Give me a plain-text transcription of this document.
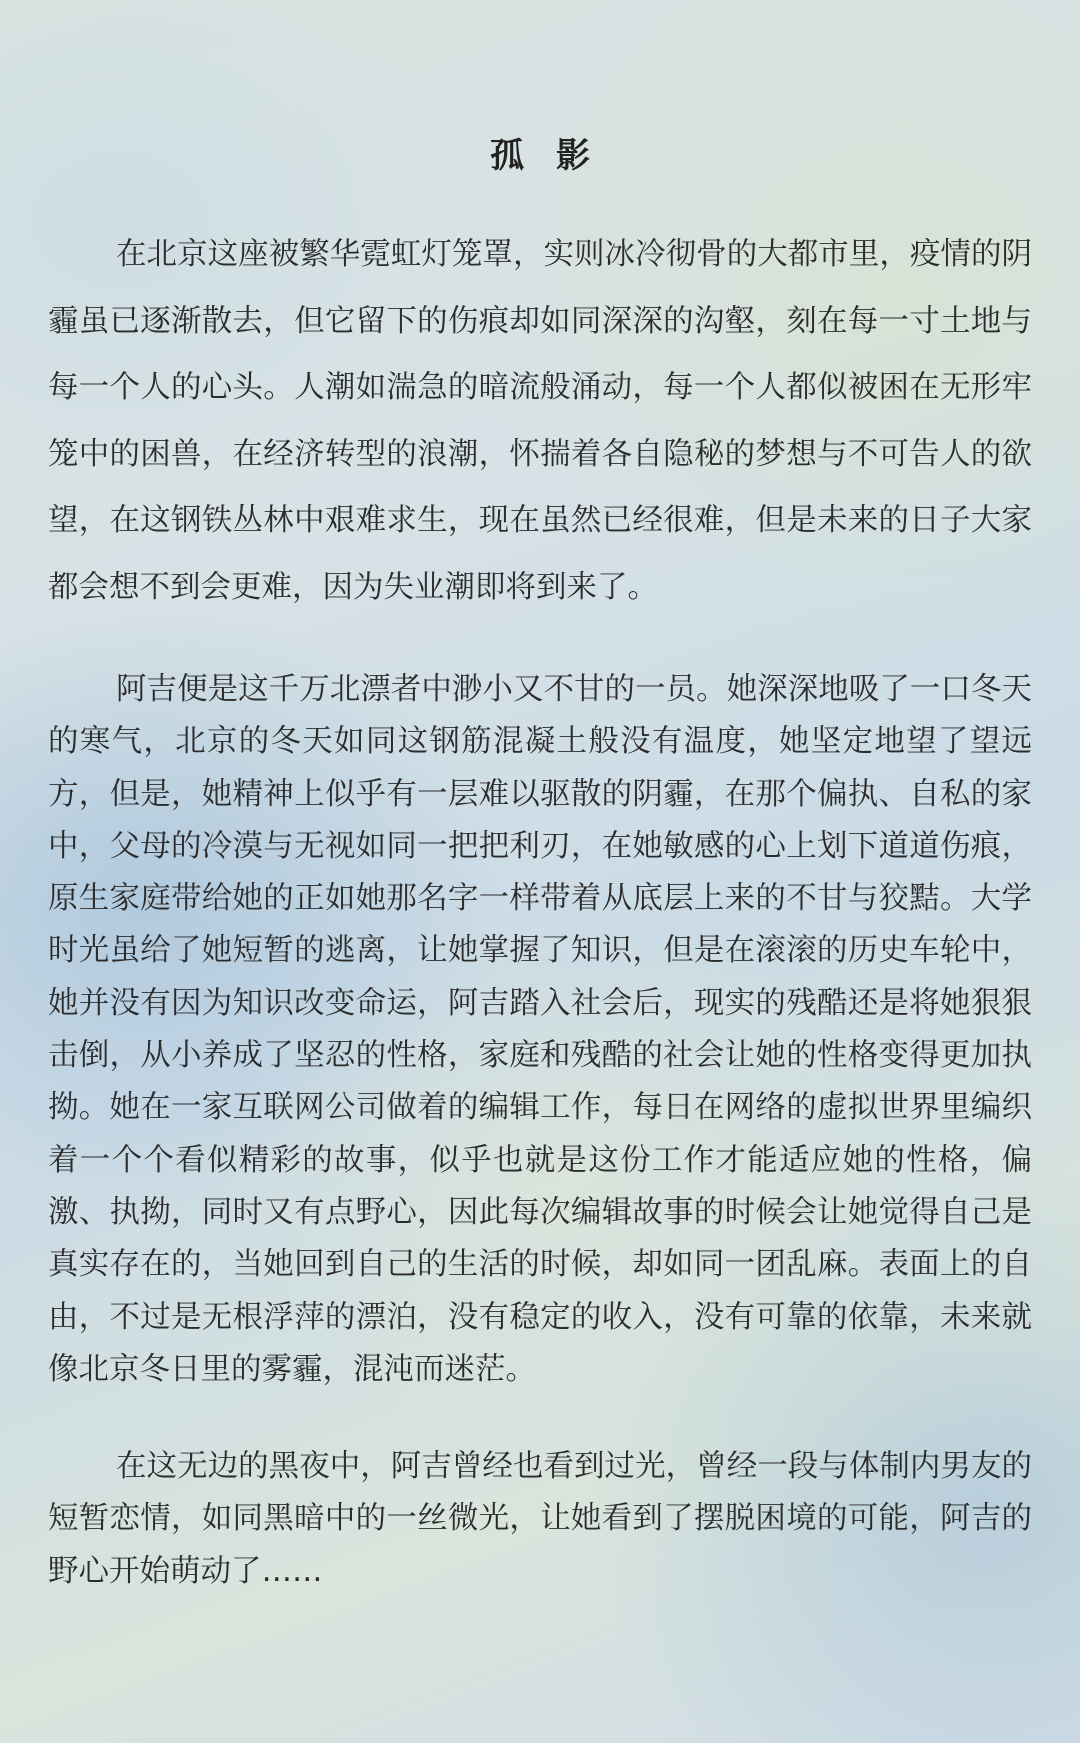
孤影

在北京这座被繁华霓虹灯笼罩，实则冰冷彻骨的大都市里，疫情的阴霾虽已逐渐散去，但它留下的伤痕却如同深深的沟壑，刻在每一寸土地与每一个人的心头。人潮如湍急的暗流般涌动，每一个人都似被困在无形牢笼中的困兽，在经济转型的浪潮，怀揣着各自隐秘的梦想与不可告人的欲望，在这钢铁丛林中艰难求生，现在虽然已经很难，但是未来的日子大家都会想不到会更难，因为失业潮即将到来了。

阿吉便是这千万北漂者中渺小又不甘的一员。她深深地吸了一口冬天的寒气，北京的冬天如同这钢筋混凝土般没有温度，她坚定地望了望远方，但是，她精神上似乎有一层难以驱散的阴霾，在那个偏执、自私的家中，父母的冷漠与无视如同一把把利刃，在她敏感的心上划下道道伤痕，原生家庭带给她的正如她那名字一样带着从底层上来的不甘与狡黠。大学时光虽给了她短暂的逃离，让她掌握了知识，但是在滚滚的历史车轮中，她并没有因为知识改变命运，阿吉踏入社会后，现实的残酷还是将她狠狠击倒，从小养成了坚忍的性格，家庭和残酷的社会让她的性格变得更加执拗。她在一家互联网公司做着的编辑工作，每日在网络的虚拟世界里编织着一个个看似精彩的故事，似乎也就是这份工作才能适应她的性格，偏激、执拗，同时又有点野心，因此每次编辑故事的时候会让她觉得自己是真实存在的，当她回到自己的生活的时候，却如同一团乱麻。表面上的自由，不过是无根浮萍的漂泊，没有稳定的收入，没有可靠的依靠，未来就像北京冬日里的雾霾，混沌而迷茫。

在这无边的黑夜中，阿吉曾经也看到过光，曾经一段与体制内男友的短暂恋情，如同黑暗中的一丝微光，让她看到了摆脱困境的可能，阿吉的野心开始萌动了……
